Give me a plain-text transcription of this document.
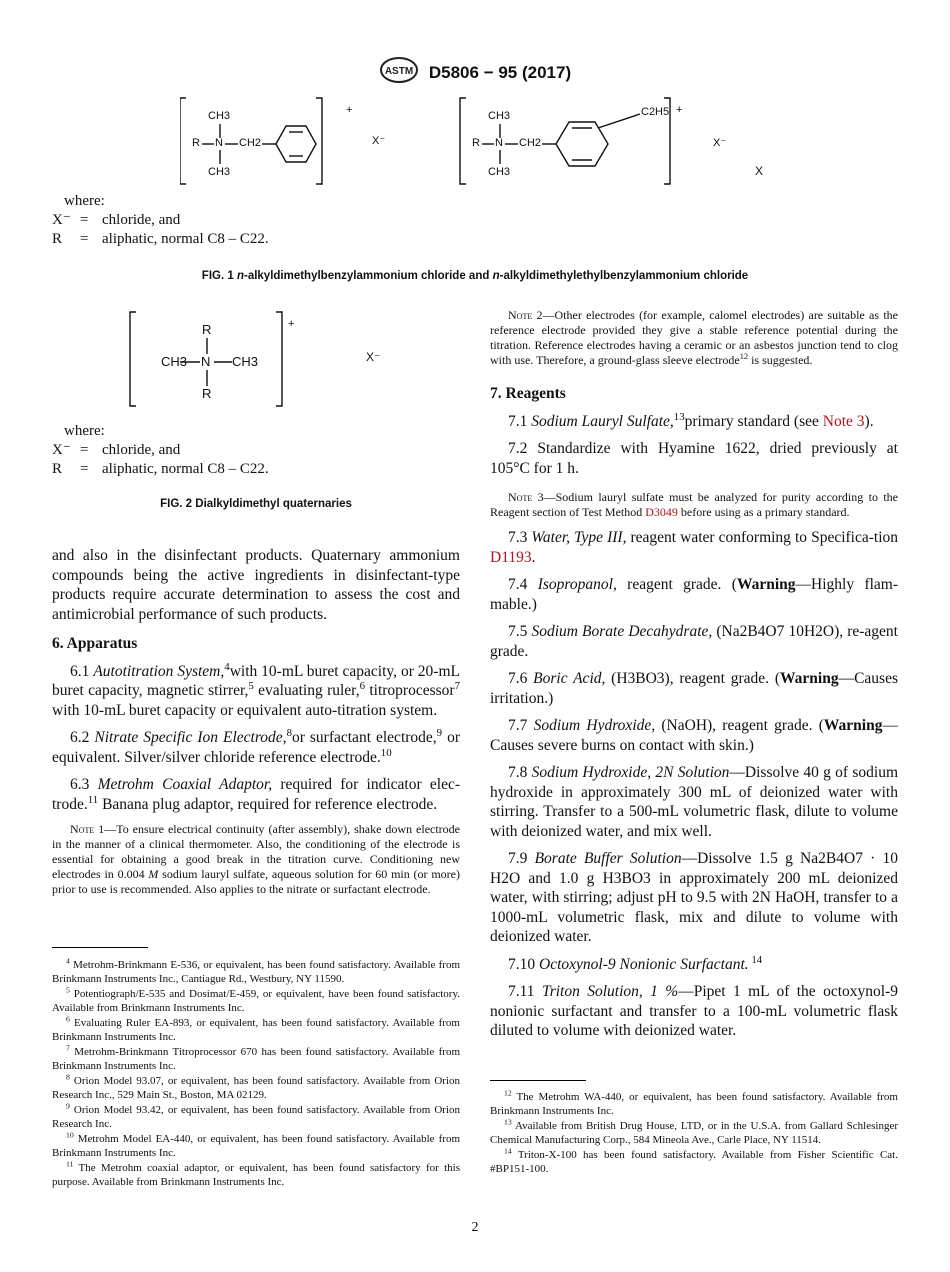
ASTM D5806 − 95 (2017)
CH3
R N CH2
CH3
+
X⁻
CH3
R N CH2
CH3
C2H5 +
X⁻
X
where:
X⁻ = chloride, and
R = aliphatic, normal C8 – C22.
FIG. 1 n-alkyldimethylbenzylammonium chloride and n-alkyldimethylethylbenzylammonium chloride
R
CH3 N CH3
R
+
X⁻
where:
X⁻ = chloride, and
R = aliphatic, normal C8 – C22.
FIG. 2 Dialkyldimethyl quaternaries

and also in the disinfectant products. Quaternary ammonium compounds being the active ingredients in disinfectant-type products require accurate determination to assess the cost and antimicrobial performance of such products.

6. Apparatus

6.1 Autotitration System,$^4$with 10-mL buret capacity, or 20-mL buret capacity, magnetic stirrer,$^5$ evaluating ruler,$^6$ titroprocessor$^7$ with 10-mL buret capacity or equivalent auto-titration system.

6.2 Nitrate Specific Ion Electrode,$^8$or surfactant electrode,$^9$ or equivalent. Silver/silver chloride reference electrode.$^{10}$

6.3 Metrohm Coaxial Adaptor, required for indicator elec-trode.$^{11}$ Banana plug adaptor, required for reference electrode.

Note 1—To ensure electrical continuity (after assembly), shake down electrode in the manner of a clinical thermometer. Also, the conditioning of the electrode is essential for obtaining a good break in the titration curve. Conditioning new electrodes in 0.004 M sodium lauryl sulfate, aqueous solution for 60 min (or more) prior to use is recommended. Also applies to the nitrate or surfactant electrode.
$^4$ Metrohm-Brinkmann E-536, or equivalent, has been found satisfactory. Available from Brinkmann Instruments Inc., Cantiague Rd., Westbury, NY 11590.
$^5$ Potentiograph/E-535 and Dosimat/E-459, or equivalent, have been found satisfactory. Available from Brinkmann Instruments Inc.
$^6$ Evaluating Ruler EA-893, or equivalent, has been found satisfactory. Available from Brinkmann Instruments Inc.
$^7$ Metrohm-Brinkmann Titroprocessor 670 has been found satisfactory. Available from Brinkmann Instruments Inc.
$^8$ Orion Model 93.07, or equivalent, has been found satisfactory. Available from Orion Research Inc., 529 Main St., Boston, MA 02129.
$^9$ Orion Model 93.42, or equivalent, has been found satisfactory. Available from Orion Research Inc.
$^{10}$ Metrohm Model EA-440, or equivalent, has been found satisfactory. Available from Brinkmann Instruments Inc.
$^{11}$ The Metrohm coaxial adaptor, or equivalent, has been found satisfactory for this purpose. Available from Brinkmann Instruments Inc.
Note 2—Other electrodes (for example, calomel electrodes) are suitable as the reference electrode provided they give a stable reference potential during the titration. Reference electrodes having a ceramic or an asbestos junction tend to clog with use. Therefore, a ground-glass sleeve electrode$^{12}$ is suggested.
7. Reagents

7.1 Sodium Lauryl Sulfate,$^{13}$primary standard (see Note 3).

7.2 Standardize with Hyamine 1622, dried previously at 105°C for 1 h.

Note 3—Sodium lauryl sulfate must be analyzed for purity according to the Reagent section of Test Method D3049 before using as a primary standard.

7.3 Water, Type III, reagent water conforming to Specifica-tion D1193.

7.4 Isopropanol, reagent grade. (Warning—Highly flam-mable.)

7.5 Sodium Borate Decahydrate, (Na2B4O7 10H2O), re-agent grade.

7.6 Boric Acid, (H3BO3), reagent grade. (Warning—Causes irritation.)

7.7 Sodium Hydroxide, (NaOH), reagent grade. (Warning—Causes severe burns on contact with skin.)

7.8 Sodium Hydroxide, 2N Solution—Dissolve 40 g of sodium hydroxide in approximately 300 mL of deionized water with stirring. Transfer to a 500-mL volumetric flask, dilute to volume with deionized water, and mix well.

7.9 Borate Buffer Solution—Dissolve 1.5 g Na2B4O7 · 10 H2O and 1.0 g H3BO3 in approximately 200 mL deionized water, with stirring; adjust pH to 9.5 with 2N HaOH, transfer to a 1000-mL volumetric flask, mix and dilute to volume with deionized water.

7.10 Octoxynol-9 Nonionic Surfactant. $^{14}$

7.11 Triton Solution, 1 %—Pipet 1 mL of the octoxynol-9 nonionic surfactant and transfer to a 100-mL volumetric flask diluted to volume with deionized water.

$^{12}$ The Metrohm WA-440, or equivalent, has been found satisfactory. Available from Brinkmann Instruments Inc.
$^{13}$ Available from British Drug House, LTD, or in the U.S.A. from Gallard Schlesinger Chemical Manufacturing Corp., 584 Mineola Ave., Carle Place, NY 11514.
$^{14}$ Triton-X-100 has been found satisfactory. Available from Fisher Scientific Cat. #BP151-100.
2
